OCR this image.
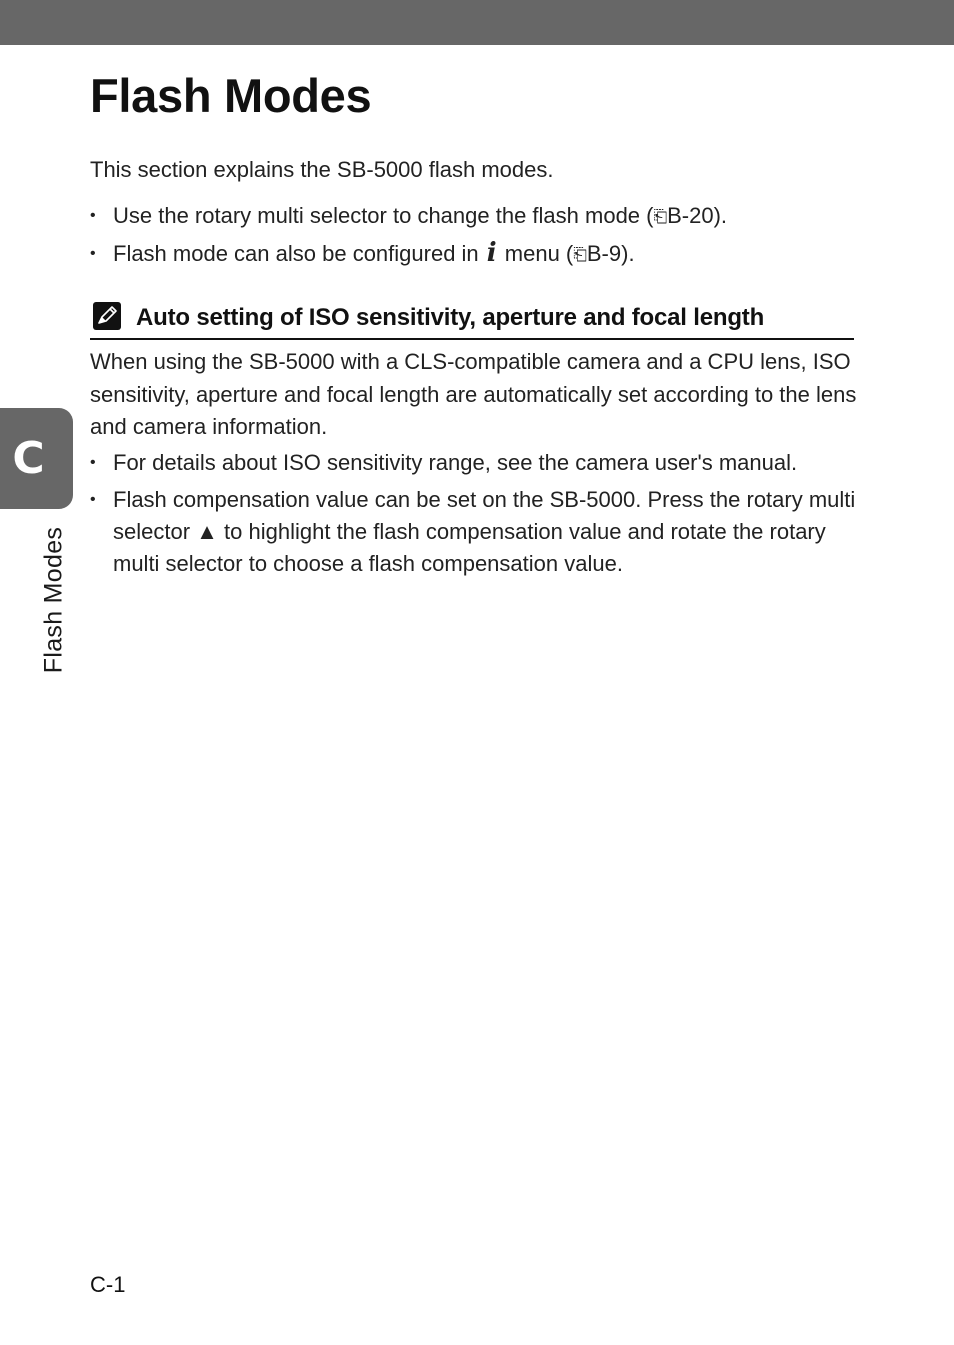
C
Flash Modes
Flash Modes
This section explains the SB-5000 flash modes.
• Use the rotary multi selector to change the flash mode (⎗B-20).
• Flash mode can also be configured in i menu (⎗B-9).
Auto setting of ISO sensitivity, aperture and focal length

When using the SB-5000 with a CLS-compatible camera and a CPU lens, ISO sensitivity, aperture and focal length are automatically set according to the lens and camera information.

• For details about ISO sensitivity range, see the camera user's manual.
• Flash compensation value can be set on the SB-5000. Press the rotary multi selector ▲ to highlight the flash compensation value and rotate the rotary multi selector to choose a flash compensation value.
C-1
